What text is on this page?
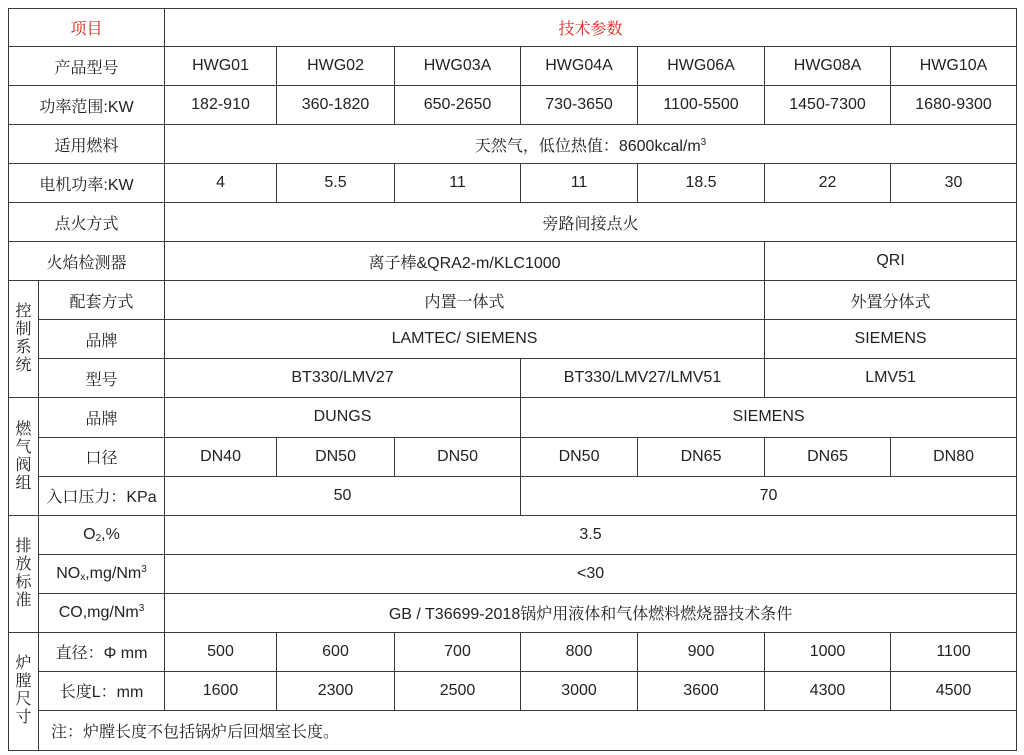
项目		技术参数						
产品型号		HWG01	HWG02	HWG03A	HWG04A	HWG06A	HWG08A	HWG10A
功率范围:KW		182-910	360-1820	650-2650	730-3650	1100-5500	1450-7300	1680-9300
适用燃料		天然气，低位热值：$8600kcal/m^3$
电机功率:KW		4	5.5	11	11	18.5	22	30
点火方式		旁路间接点火						
火焰检测器		离子棒&QRA2-m/KLC1000					QRI	
控制系统	配套方式	内置一体式					外置分体式	
	品牌	LAMTEC/ SIEMENS					SIEMENS	
	型号	BT330/LMV27			BT330/LMV27/LMV51		LMV51	
燃气阀组	品牌	DUNGS			SIEMENS			
	口径	DN40	DN50	DN50	DN50	DN65	DN65	DN80
	入口压力：KPa	50			70			
排放标准	$O_2,\%$	3.5						
	$NO_x,mg/Nm^3$	<30						
	CO,mg/Nm$^3$	GB / T36699-2018锅炉用液体和气体燃料燃烧器技术条件						
炉膛尺寸	直径：Φ mm	500	600	700	800	900	1000	1100
	长度L：mm	1600	2300	2500	3000	3600	4300	4500
	注：炉膛长度不包括锅炉后回烟室长度。							
